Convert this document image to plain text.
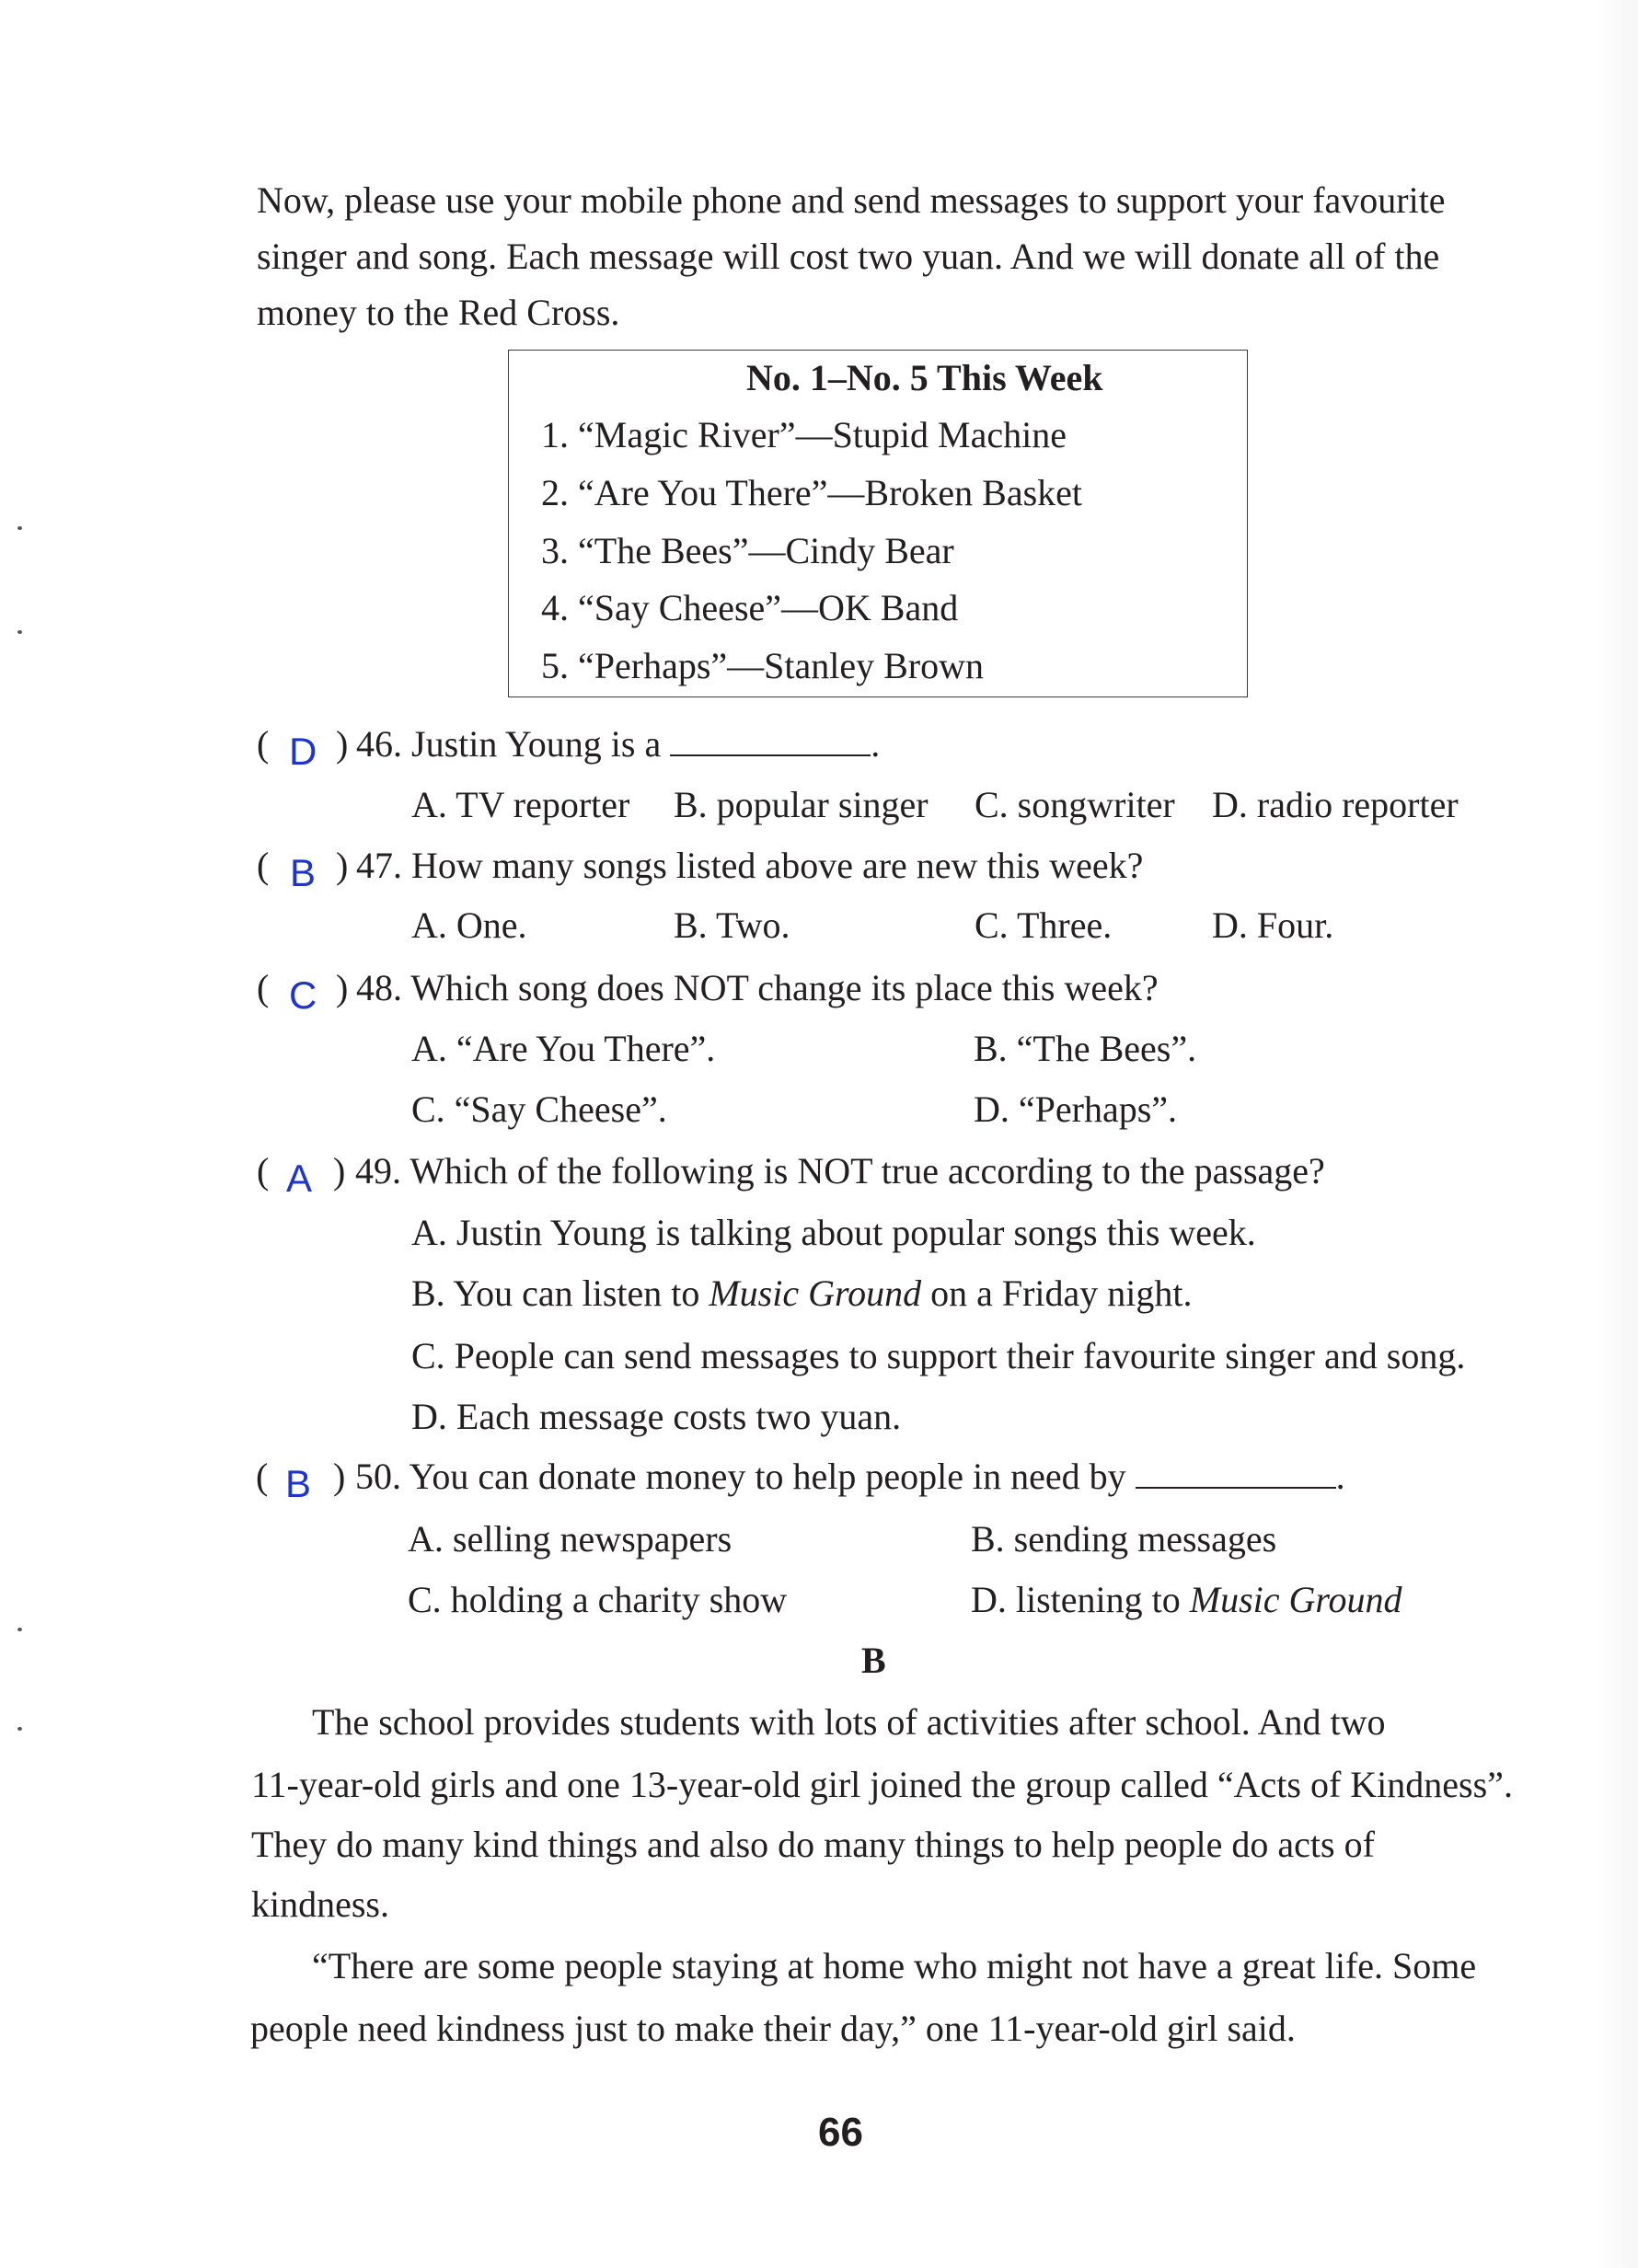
Now, please use your mobile phone and send messages to support your favourite
singer and song. Each message will cost two yuan. And we will donate all of the
money to the Red Cross.
No. 1–No. 5 This Week
1. “Magic River”—Stupid Machine
2. “Are You There”—Broken Basket
3. “The Bees”—Cindy Bear
4. “Say Cheese”—OK Band
5. “Perhaps”—Stanley Brown
( D ) 46. Justin Young is a	.
A. TV reporter B. popular singer C. songwriter D. radio reporter
( B ) 47. How many songs listed above are new this week?
A. One.	B. Two.	C. Three.	D. Four.
( C ) 48. Which song does NOT change its place this week?
A. “Are You There”.	B. “The Bees”.
C. “Say Cheese”.	D. “Perhaps”.
( A ) 49. Which of the following is NOT true according to the passage?
A. Justin Young is talking about popular songs this week.
B. You can listen to Music Ground on a Friday night.
C. People can send messages to support their favourite singer and song.
D. Each message costs two yuan.
( B ) 50. You can donate money to help people in need by	.
A. selling newspapers	B. sending messages
C. holding a charity show	D. listening to Music Ground
B
The school provides students with lots of activities after school. And two
11-year-old girls and one 13-year-old girl joined the group called “Acts of Kindness”.
They do many kind things and also do many things to help people do acts of
kindness.
“There are some people staying at home who might not have a great life. Some
people need kindness just to make their day,” one 11-year-old girl said.
66
